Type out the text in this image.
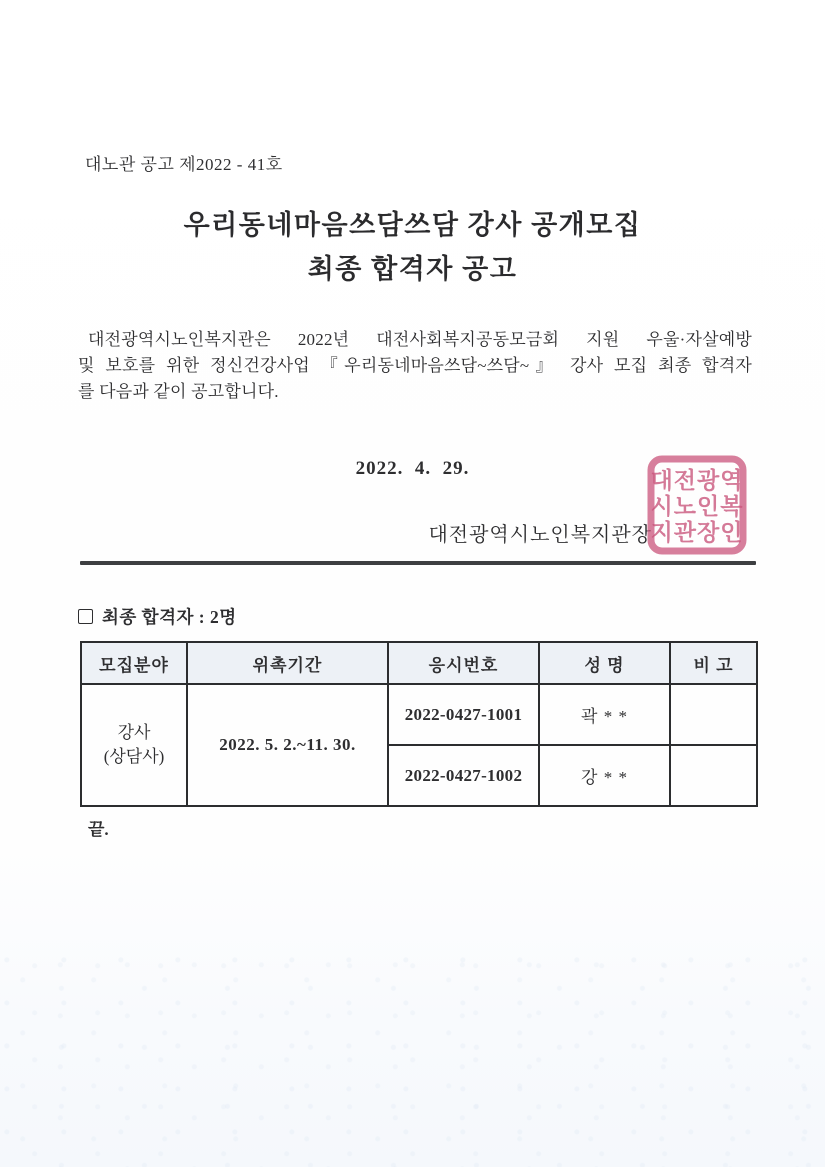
대노관 공고 제2022 - 41호
우리동네마음쓰담쓰담 강사 공개모집
최종 합격자 공고
대전광역시노인복지관은 2022년 대전사회복지공동모금회 지원 우울·자살예방
및 보호를 위한 정신건강사업 『우리동네마음쓰담~쓰담~』 강사 모집 최종 합격자
를 다음과 같이 공고합니다.
2022.  4.  29.
대전광역시노인복지관장
대전광역
시노인복
지관장인
최종 합격자 : 2명
모집분야	위촉기간	응시번호	성 명	비 고

강사
(상담사)	2022. 5. 2.~11. 30.	2022-0427-1001	곽 * *	
		2022-0427-1002	강 * *	
끝.
